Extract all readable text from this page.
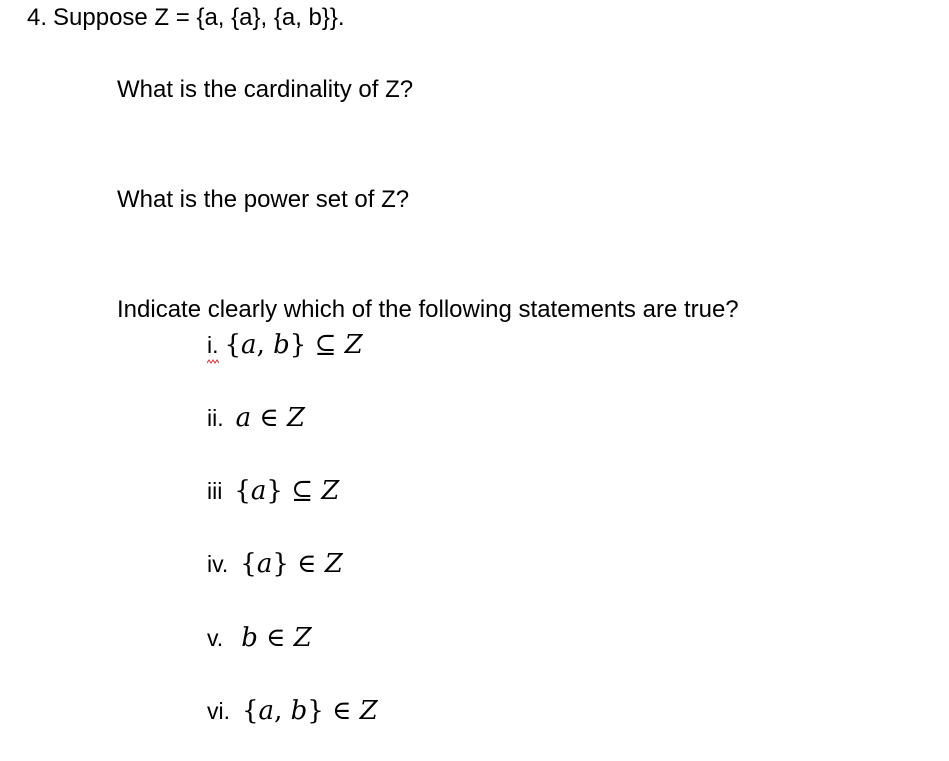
4. Suppose Z = {a, {a}, {a, b}}.
What is the cardinality of Z?
What is the power set of Z?
Indicate clearly which of the following statements are true?
i. {a, b} ⊆ Z
ii. a ∈ Z
iii {a} ⊆ Z
iv. {a} ∈ Z
v. b ∈ Z
vi. {a, b} ∈ Z
